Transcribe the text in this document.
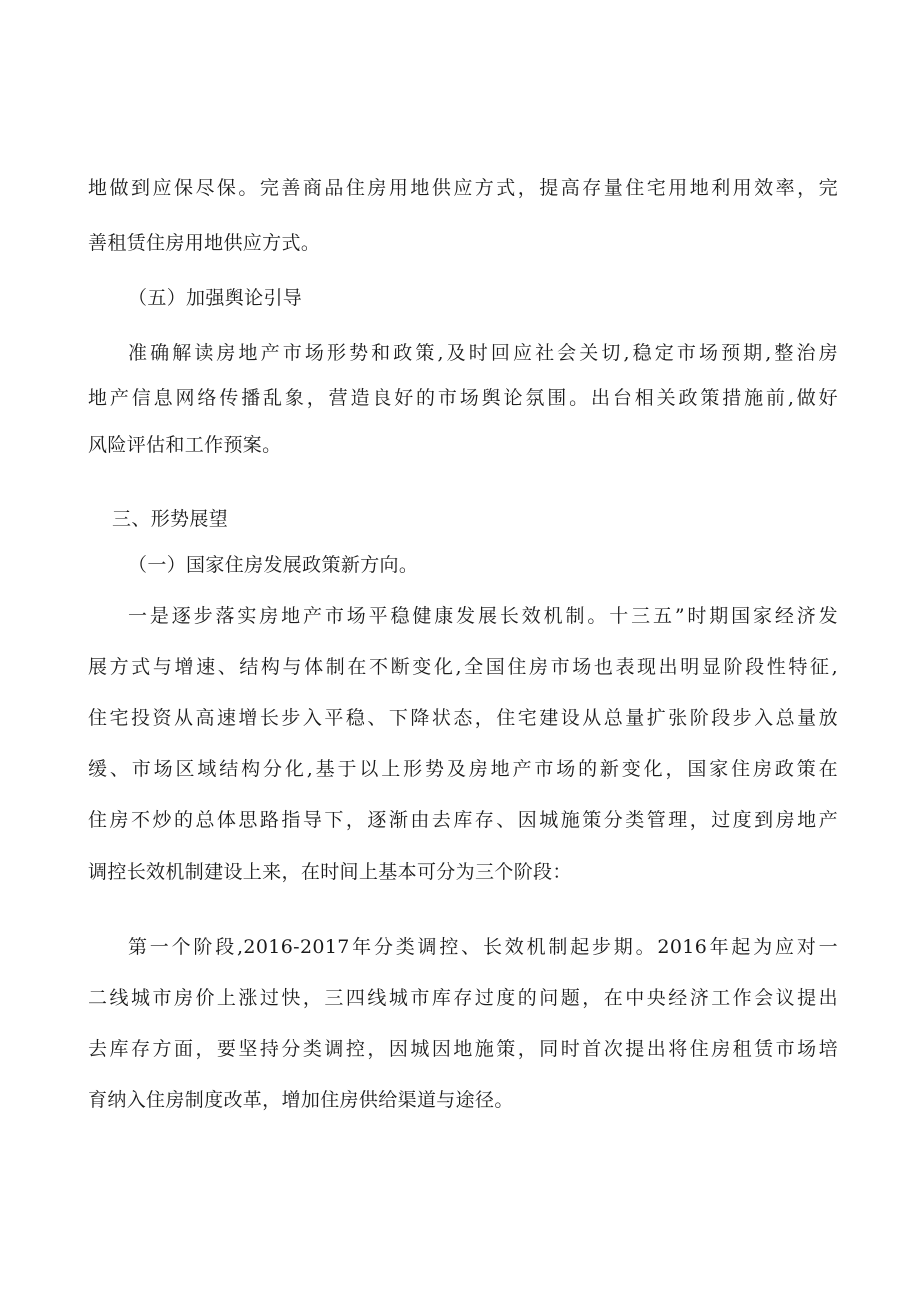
地做到应保尽保。完善商品住房用地供应方式，提高存量住宅用地利用效率，完
善租赁住房用地供应方式。
（五）加强舆论引导
准确解读房地产市场形势和政策,及时回应社会关切,稳定市场预期,整治房
地产信息网络传播乱象，营造良好的市场舆论氛围。出台相关政策措施前,做好
风险评估和工作预案。
三、形势展望
（一）国家住房发展政策新方向。
一是逐步落实房地产市场平稳健康发展长效机制。十三五”时期国家经济发
展方式与增速、结构与体制在不断变化,全国住房市场也表现出明显阶段性特征,
住宅投资从高速增长步入平稳、下降状态，住宅建设从总量扩张阶段步入总量放
缓、市场区域结构分化,基于以上形势及房地产市场的新变化，国家住房政策在
住房不炒的总体思路指导下，逐渐由去库存、因城施策分类管理，过度到房地产
调控长效机制建设上来，在时间上基本可分为三个阶段：
第一个阶段,2016-2017年分类调控、长效机制起步期。2016年起为应对一
二线城市房价上涨过快，三四线城市库存过度的问题，在中央经济工作会议提出
去库存方面，要坚持分类调控，因城因地施策，同时首次提出将住房租赁市场培
育纳入住房制度改革，增加住房供给渠道与途径。
